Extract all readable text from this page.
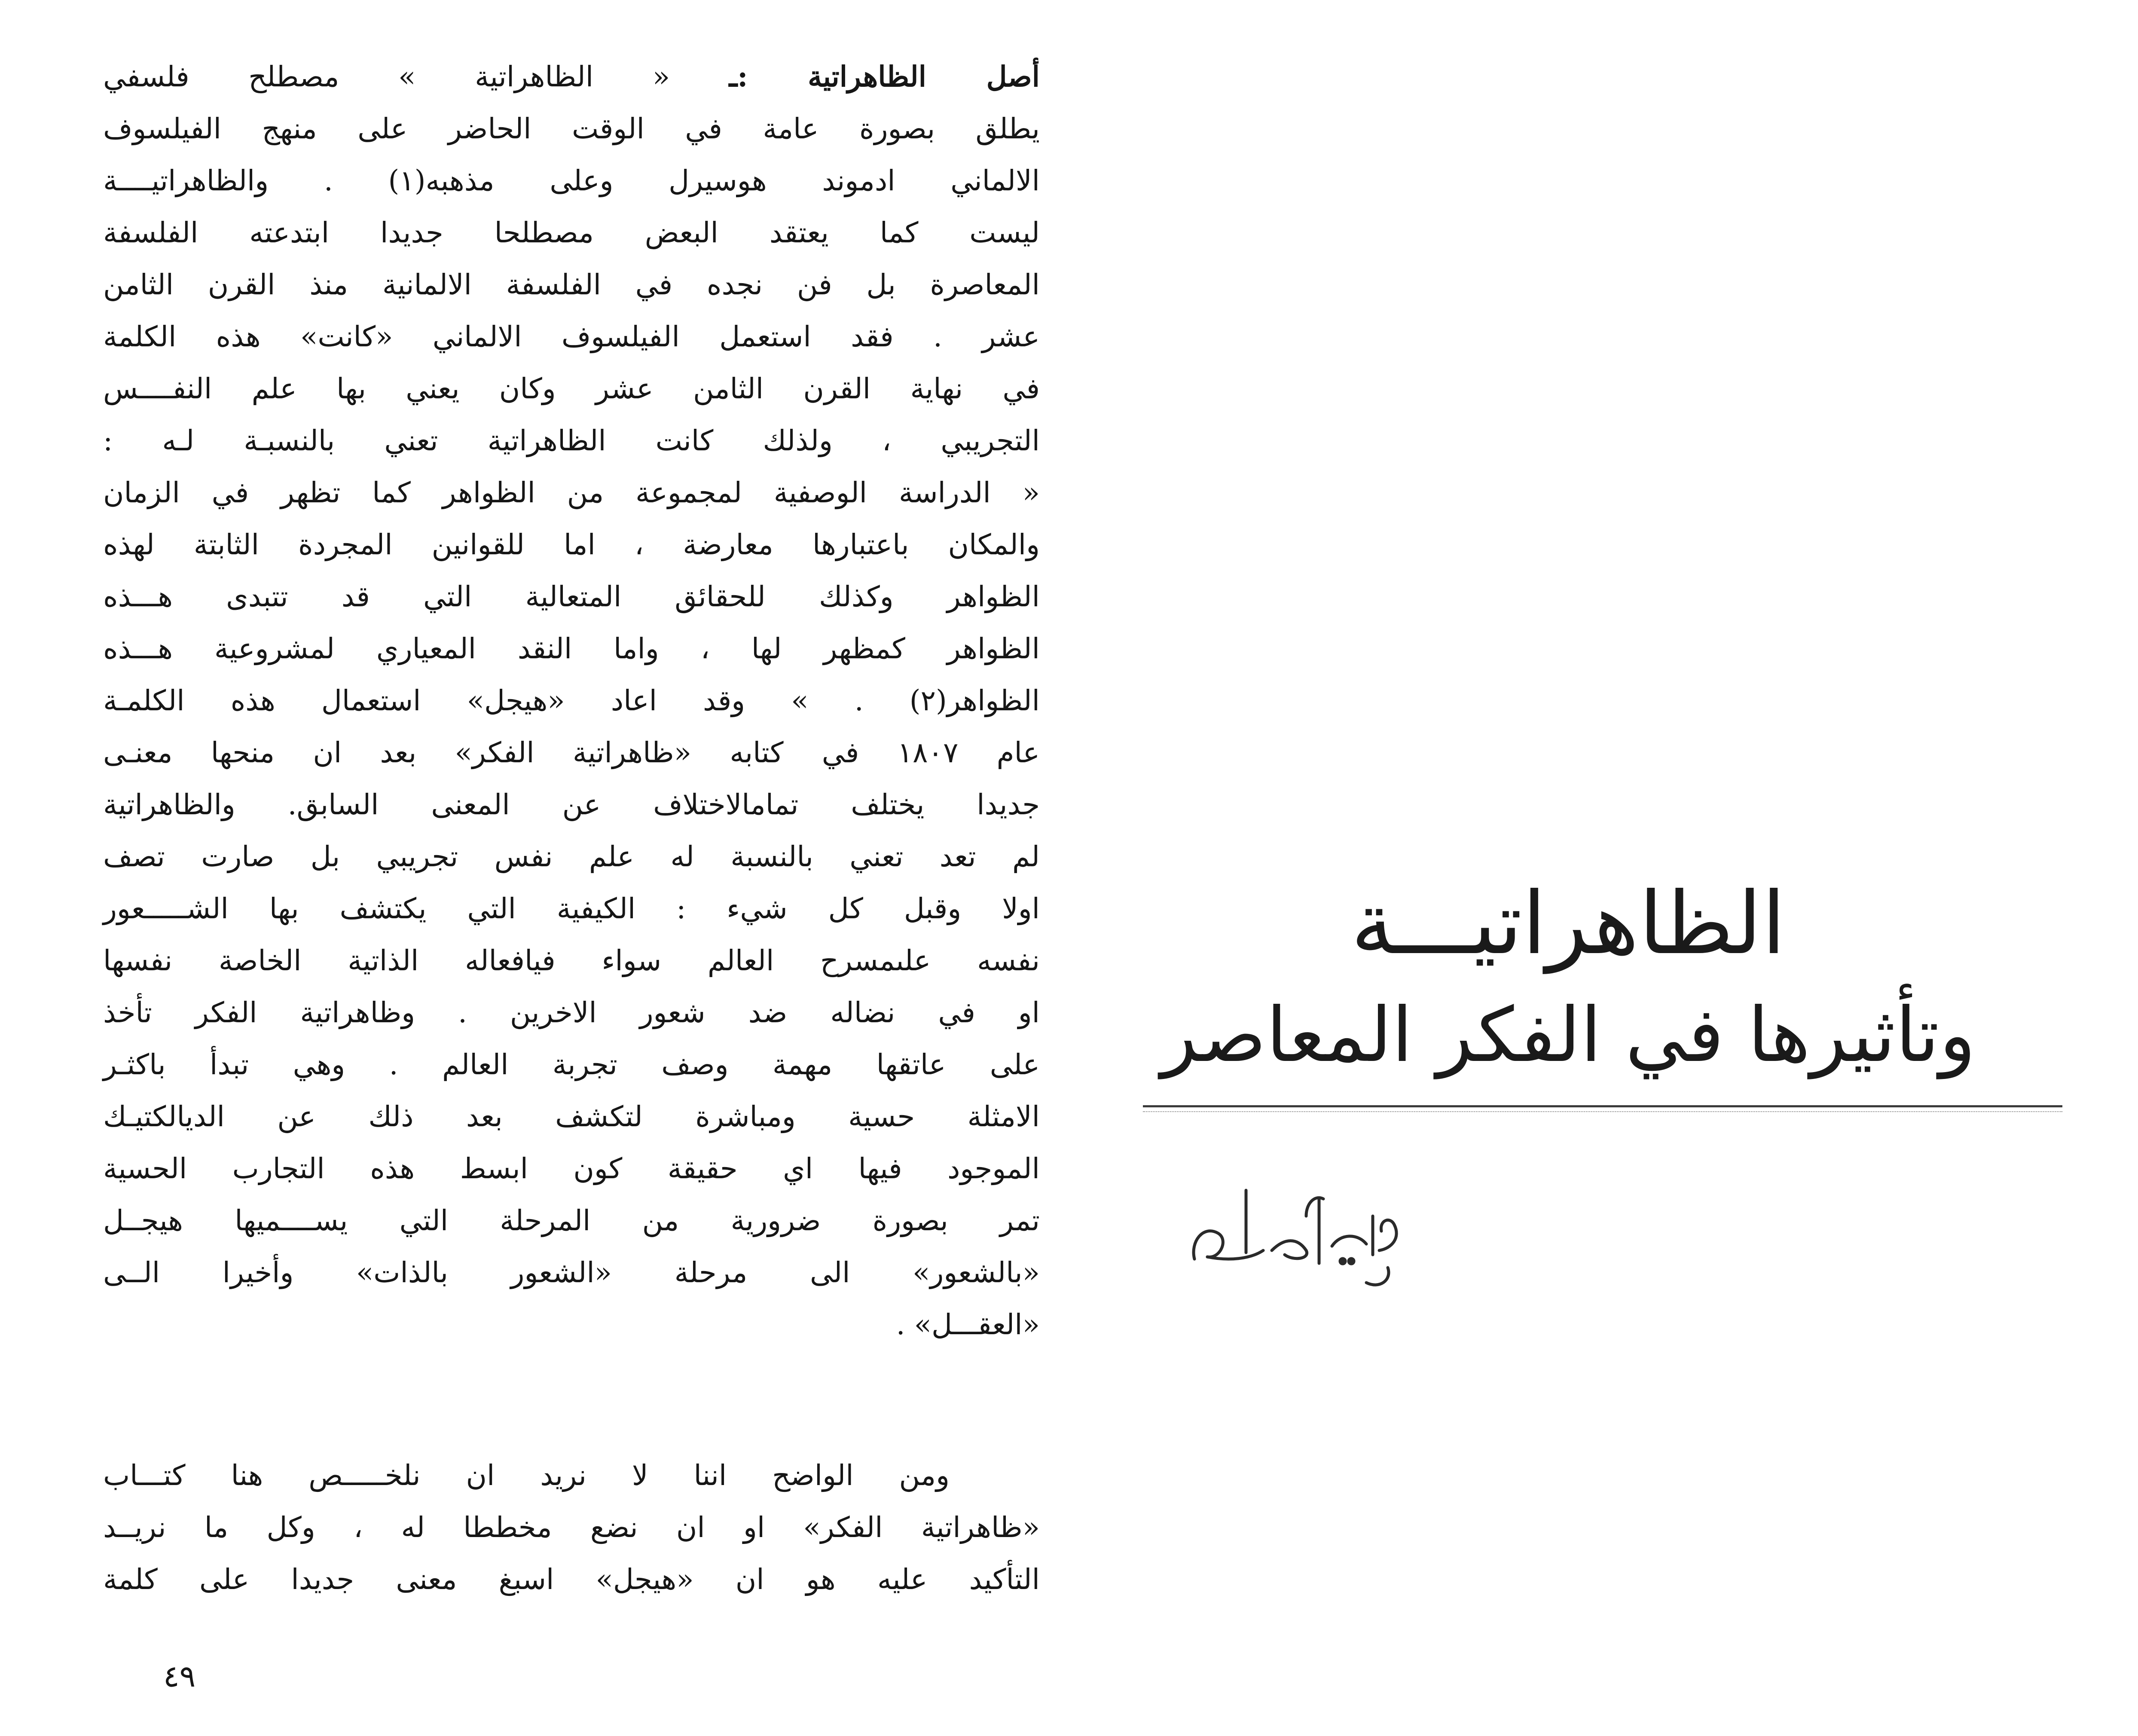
أصل الظاهراتية :ـ « الظاهراتية » مصطلح فلسفي
يطلق بصورة عامة في الوقت الحاضر على منهج الفيلسوف
الالماني ادموند هوسيرل وعلى مذهبه(١) . والظاهراتيــــة
ليست كما يعتقد البعض مصطلحا جديدا ابتدعته الفلسفة
المعاصرة بل فن نجده في الفلسفة الالمانية منذ القرن الثامن
عشر . فقد استعمل الفيلسوف الالماني «كانت» هذه الكلمة
في نهاية القرن الثامن عشر وكان يعني بها علم النفــــس
التجريبي ، ولذلك كانت الظاهراتية تعني بالنسبـة لـه :
« الدراسة الوصفية لمجموعة من الظواهر كما تظهر في الزمان
والمكان باعتبارها معارضة ، اما للقوانين المجردة الثابتة لهذه
الظواهر وكذلك للحقائق المتعالية التي قد تتبدى هـــذه
الظواهر كمظهر لها ، واما النقد المعياري لمشروعية هـــذه
الظواهر(٢) . » وقد اعاد «هيجل» استعمال هذه الكلمـة
عام ١٨٠٧ في كتابه «ظاهراتية الفكر» بعد ان منحها معنـى
جديدا يختلف تمامالاختلاف عن المعنى السابق. والظاهراتية
لم تعد تعني بالنسبة له علم نفس تجريبي بل صارت تصف
اولا وقبل كل شيء : الكيفية التي يكتشف بها الشـــــعور
نفسه علىمسرح العالم سواء فيافعاله الذاتية الخاصة نفسها
او في نضاله ضد شعور الاخرين . وظاهراتية الفكر تأخذ
على عاتقها مهمة وصف تجربة العالم . وهي تبدأ باكثـر
الامثلة حسية ومباشرة لتكشف بعد ذلك عن الديالكتيـك
الموجود فيها اي حقيقة كون ابسط هذه التجارب الحسية
تمر بصورة ضرورية من المرحلة التي يســــميها هيجــل
«بالشعور» الى مرحلة «الشعور بالذات» وأخيرا الــى
«العقـــل» .
ومن الواضح اننا لا نريد ان نلخـــــص هنا كتـــاب
«ظاهراتية الفكر» او ان نضع مخططا له ، وكل ما نريــد
التأكيد عليه هو ان «هيجل» اسبغ معنى جديدا على كلمة
٤٩
الظاهراتيـــة
وتأثيرها في الفكر المعاصر
